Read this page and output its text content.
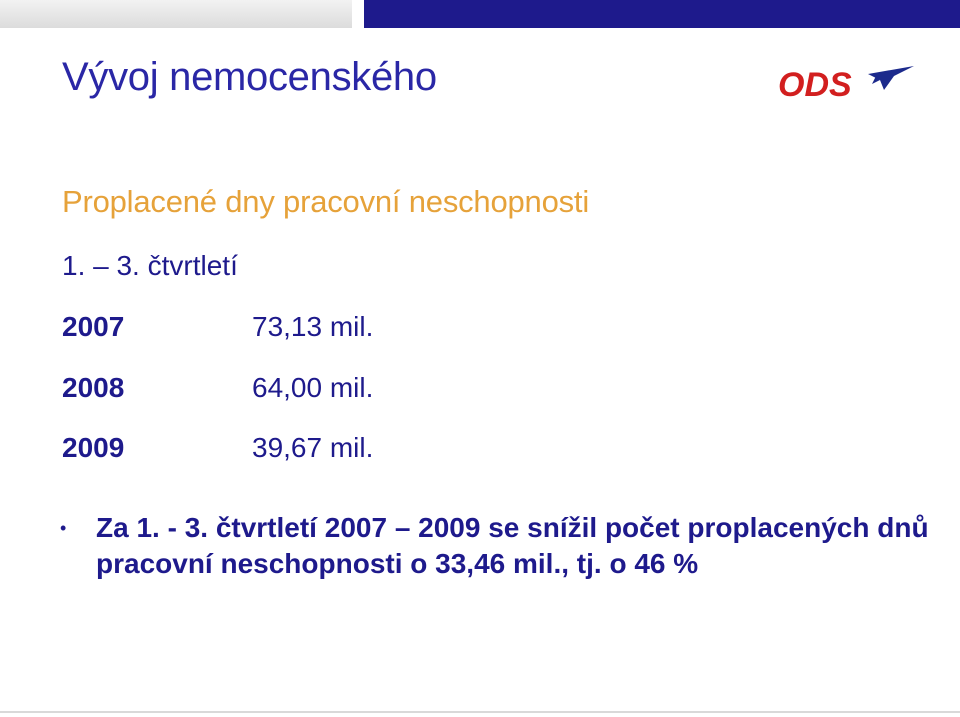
Vývoj nemocenského	ODS
Proplacené dny pracovní neschopnosti
1. – 3. čtvrtletí
2007	73,13 mil.
2008	64,00 mil.
2009	39,67 mil.
• Za 1. - 3. čtvrtletí 2007 – 2009 se snížil počet proplacených dnů pracovní neschopnosti o 33,46 mil., tj. o 46 %
